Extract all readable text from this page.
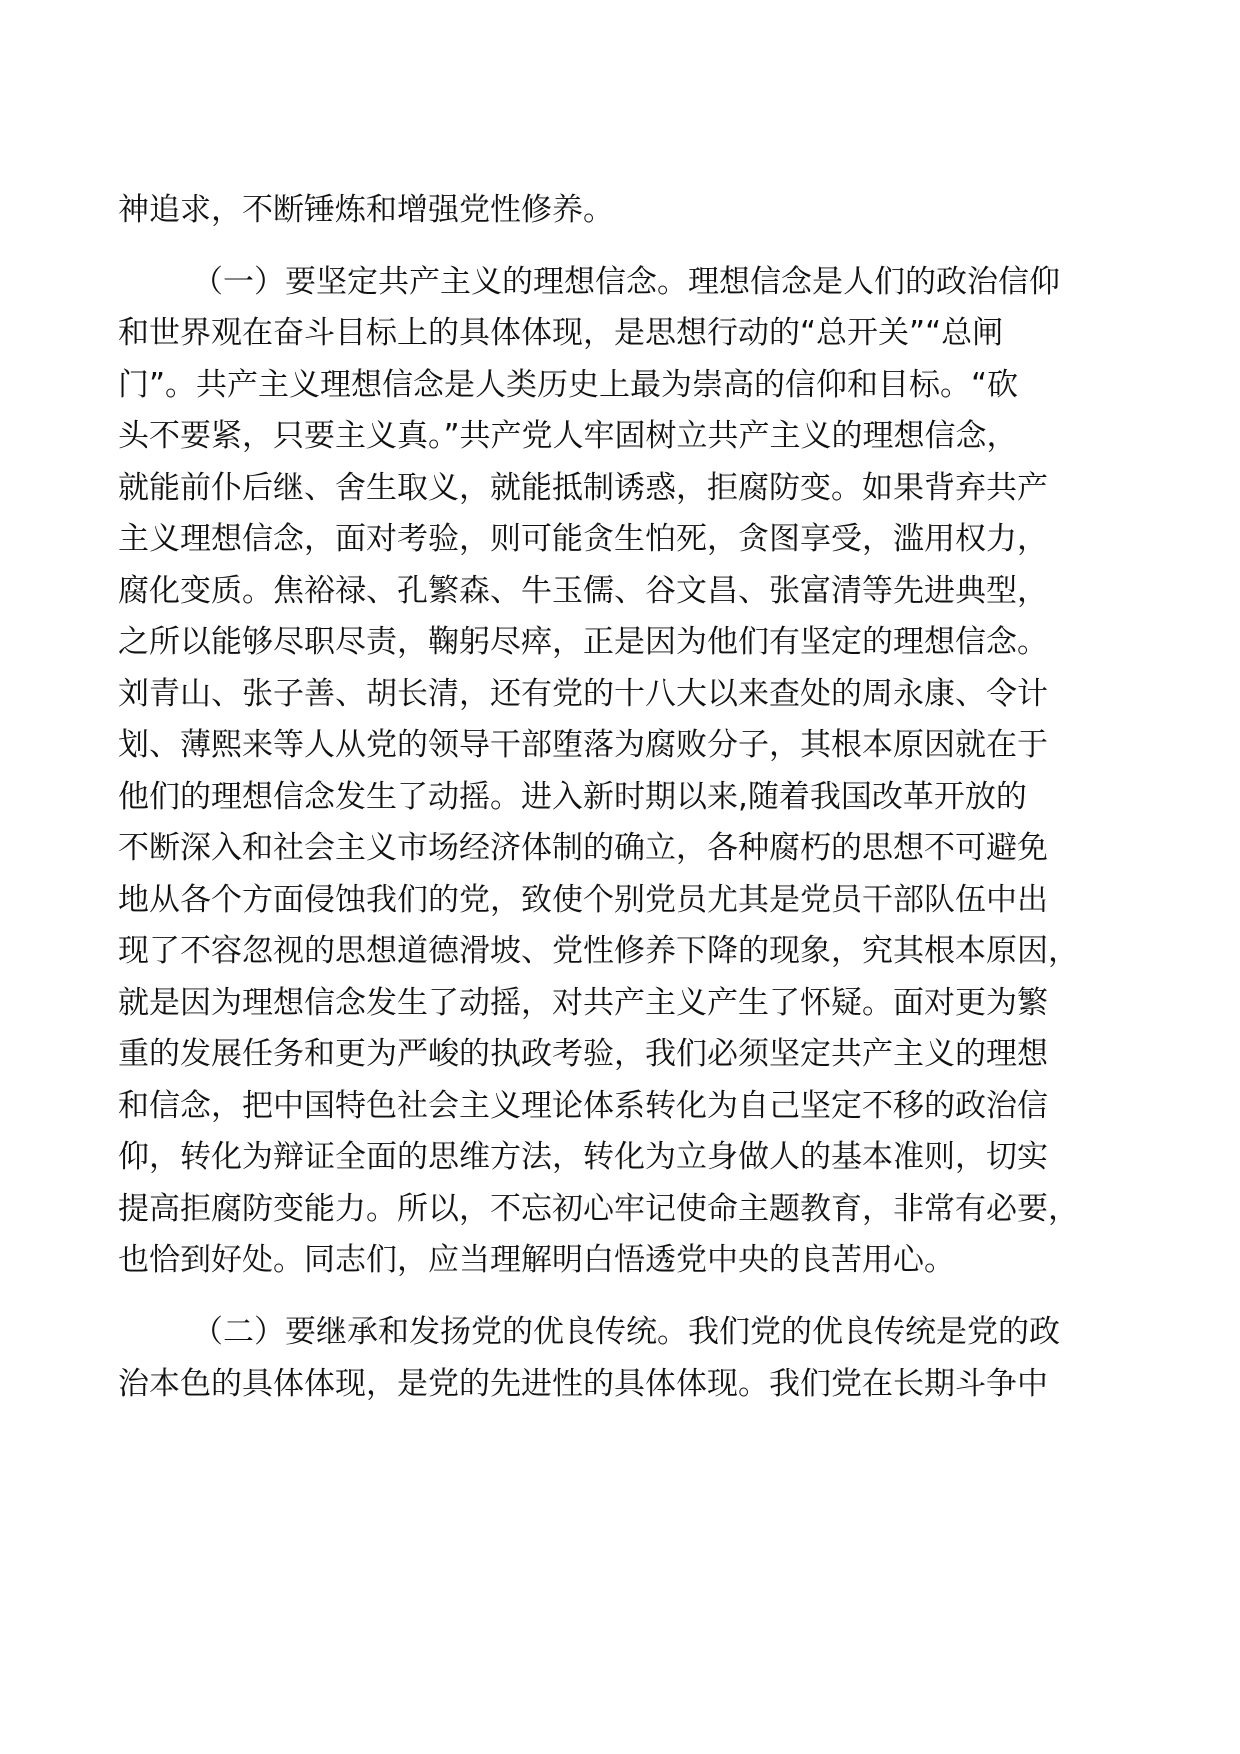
神追求，不断锤炼和增强党性修养。
（一）要坚定共产主义的理想信念。理想信念是人们的政治信仰
和世界观在奋斗目标上的具体体现，是思想行动的“总开关”“总闸
门”。共产主义理想信念是人类历史上最为崇高的信仰和目标。“砍
头不要紧，只要主义真。”共产党人牢固树立共产主义的理想信念，
就能前仆后继、舍生取义，就能抵制诱惑，拒腐防变。如果背弃共产
主义理想信念，面对考验，则可能贪生怕死，贪图享受，滥用权力，
腐化变质。焦裕禄、孔繁森、牛玉儒、谷文昌、张富清等先进典型，
之所以能够尽职尽责，鞠躬尽瘁，正是因为他们有坚定的理想信念。
刘青山、张子善、胡长清，还有党的十八大以来查处的周永康、令计
划、薄熙来等人从党的领导干部堕落为腐败分子，其根本原因就在于
他们的理想信念发生了动摇。进入新时期以来,随着我国改革开放的
不断深入和社会主义市场经济体制的确立，各种腐朽的思想不可避免
地从各个方面侵蚀我们的党，致使个别党员尤其是党员干部队伍中出
现了不容忽视的思想道德滑坡、党性修养下降的现象，究其根本原因，
就是因为理想信念发生了动摇，对共产主义产生了怀疑。面对更为繁
重的发展任务和更为严峻的执政考验，我们必须坚定共产主义的理想
和信念，把中国特色社会主义理论体系转化为自己坚定不移的政治信
仰，转化为辩证全面的思维方法，转化为立身做人的基本准则，切实
提高拒腐防变能力。所以，不忘初心牢记使命主题教育，非常有必要，
也恰到好处。同志们，应当理解明白悟透党中央的良苦用心。
（二）要继承和发扬党的优良传统。我们党的优良传统是党的政
治本色的具体体现，是党的先进性的具体体现。我们党在长期斗争中
